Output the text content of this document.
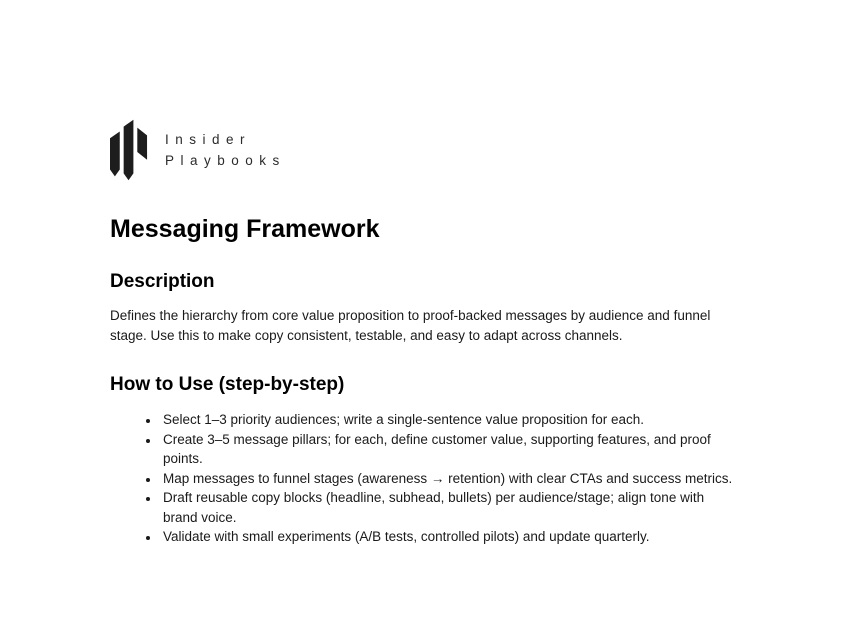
Insider
Playbooks
Messaging Framework
Description

Defines the hierarchy from core value proposition to proof-backed messages by audience and funnel stage. Use this to make copy consistent, testable, and easy to adapt across channels.

How to Use (step-by-step)
• Select 1–3 priority audiences; write a single-sentence value proposition for each.
• Create 3–5 message pillars; for each, define customer value, supporting features, and proof points.
• Map messages to funnel stages (awareness → retention) with clear CTAs and success metrics.
• Draft reusable copy blocks (headline, subhead, bullets) per audience/stage; align tone with brand voice.
• Validate with small experiments (A/B tests, controlled pilots) and update quarterly.
